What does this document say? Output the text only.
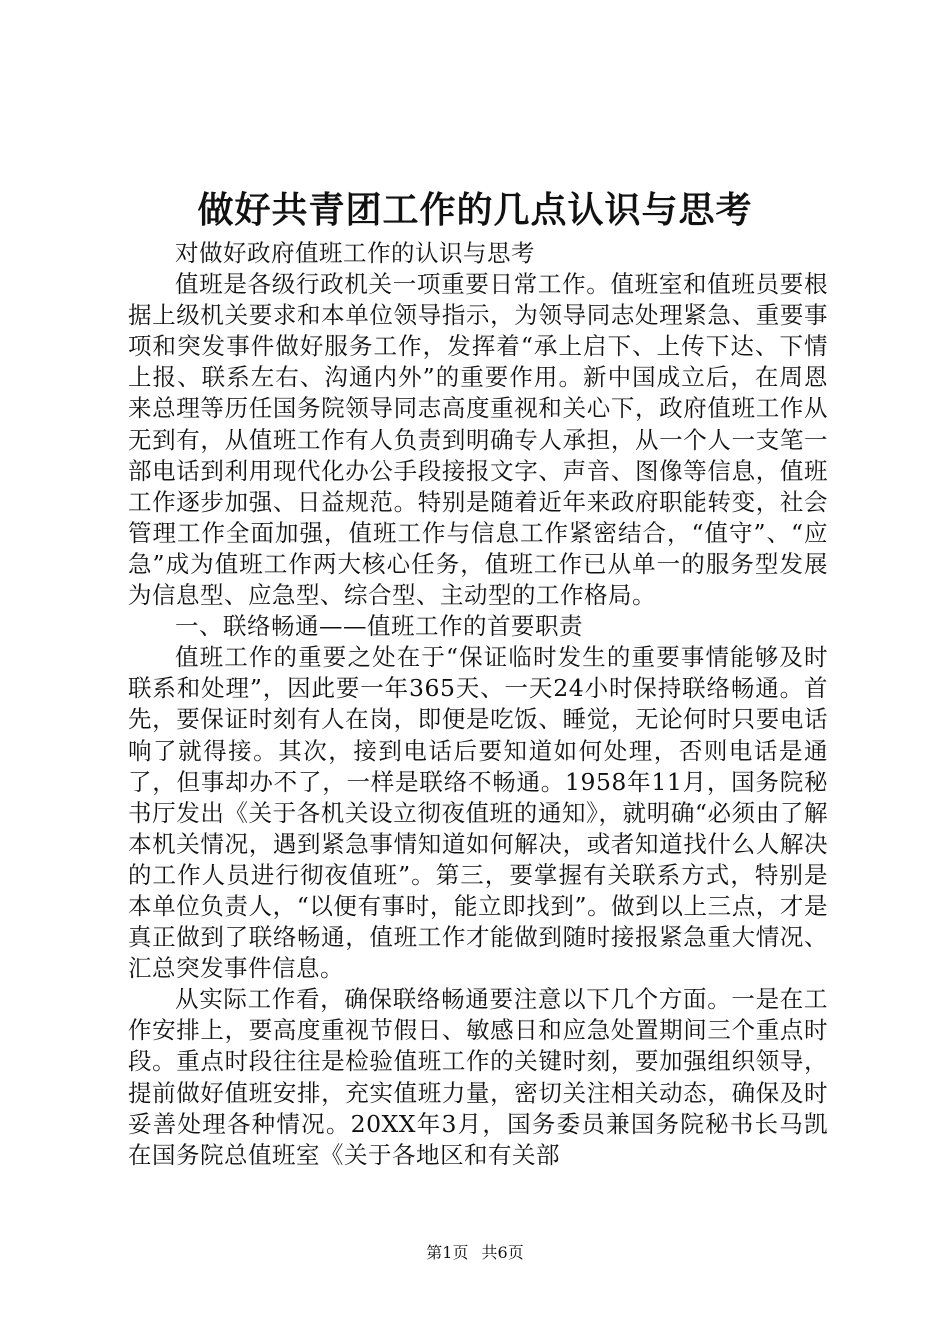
做好共青团工作的几点认识与思考

对做好政府值班工作的认识与思考

值班是各级行政机关一项重要日常工作。值班室和值班员要根据上级机关要求和本单位领导指示，为领导同志处理紧急、重要事项和突发事件做好服务工作，发挥着“承上启下、上传下达、下情上报、联系左右、沟通内外”的重要作用。新中国成立后，在周恩来总理等历任国务院领导同志高度重视和关心下，政府值班工作从无到有，从值班工作有人负责到明确专人承担，从一个人一支笔一部电话到利用现代化办公手段接报文字、声音、图像等信息，值班工作逐步加强、日益规范。特别是随着近年来政府职能转变，社会管理工作全面加强，值班工作与信息工作紧密结合，“值守”、“应急”成为值班工作两大核心任务，值班工作已从单一的服务型发展为信息型、应急型、综合型、主动型的工作格局。

一、联络畅通——值班工作的首要职责

值班工作的重要之处在于“保证临时发生的重要事情能够及时联系和处理”，因此要一年365天、一天24小时保持联络畅通。首先，要保证时刻有人在岗，即便是吃饭、睡觉，无论何时只要电话响了就得接。其次，接到电话后要知道如何处理，否则电话是通了，但事却办不了，一样是联络不畅通。1958年11月，国务院秘书厅发出《关于各机关设立彻夜值班的通知》，就明确“必须由了解本机关情况，遇到紧急事情知道如何解决，或者知道找什么人解决的工作人员进行彻夜值班”。第三，要掌握有关联系方式，特别是本单位负责人，“以便有事时，能立即找到”。做到以上三点，才是真正做到了联络畅通，值班工作才能做到随时接报紧急重大情况、汇总突发事件信息。

从实际工作看，确保联络畅通要注意以下几个方面。一是在工作安排上，要高度重视节假日、敏感日和应急处置期间三个重点时段。重点时段往往是检验值班工作的关键时刻，要加强组织领导，提前做好值班安排，充实值班力量，密切关注相关动态，确保及时妥善处理各种情况。20XX年3月，国务委员兼国务院秘书长马凯在国务院总值班室《关于各地区和有关部

第1页 共6页
